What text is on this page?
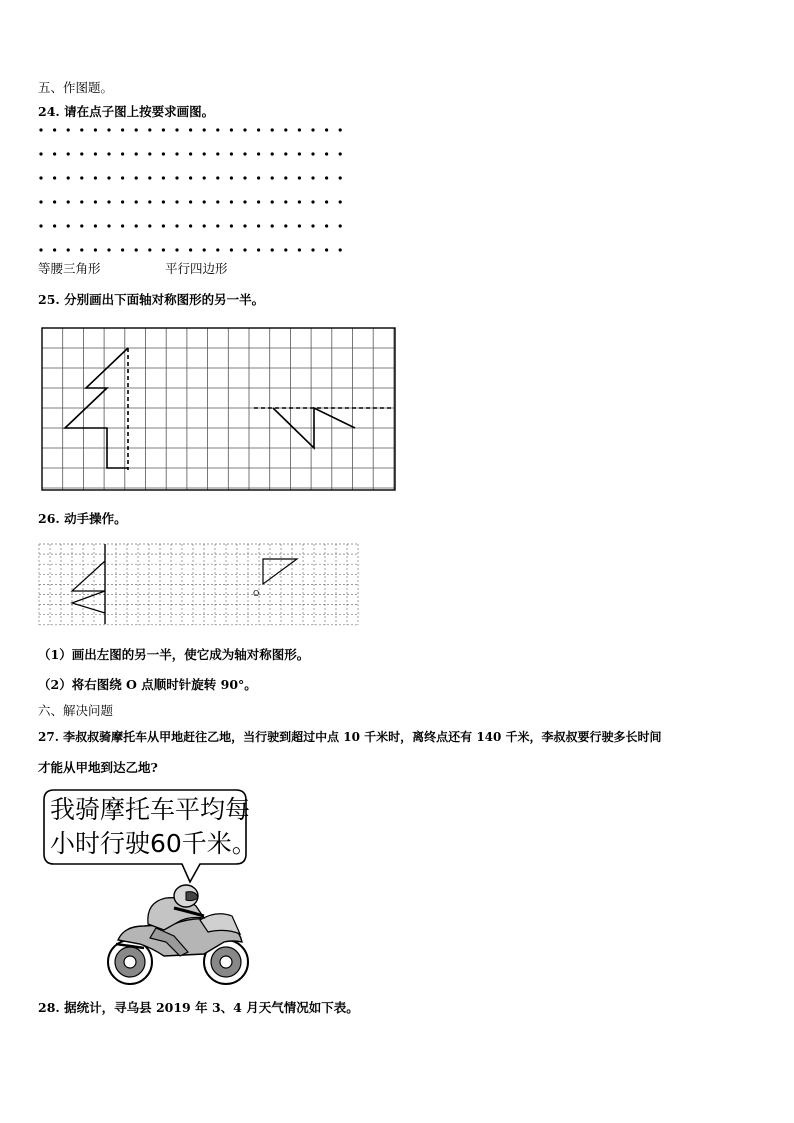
五、作图题。
24. 请在点子图上按要求画图。
等腰三角形	平行四边形
25. 分别画出下面轴对称图形的另一半。
26. 动手操作。
O
（1）画出左图的另一半，使它成为轴对称图形。
（2）将右图绕 O 点顺时针旋转 90°。
六、解决问题
27. 李叔叔骑摩托车从甲地赶往乙地，当行驶到超过中点 10 千米时，离终点还有 140 千米，李叔叔要行驶多长时间
才能从甲地到达乙地?
我骑摩托车平均每
小时行驶60千米。
28. 据统计，寻乌县 2019 年 3、4 月天气情况如下表。
